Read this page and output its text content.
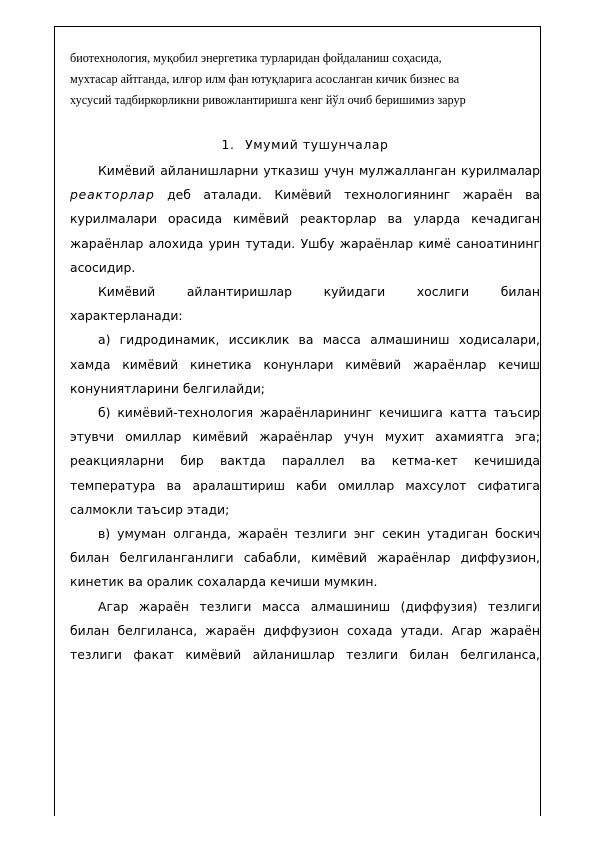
биотехнология, муқобил энергетика турларидан фойдаланиш соҳасида,
мухтасар айтганда, илғор илм фан ютуқларига асосланган кичик бизнес ва
хусусий тадбиркорликни ривожлантиришга кенг йўл очиб беришимиз зарур

1. Умумий тушунчалар

Кимёвий айланишларни утказиш учун мулжалланган курилмалар реакторлар деб аталади. Кимёвий технологиянинг жараён ва курилмалари орасида кимёвий реакторлар ва уларда кечадиган жараёнлар алохида урин тутади. Ушбу жараёнлар кимё саноатининг асосидир.

Кимёвий айлантиришлар куйидаги хослиги билан характерланади:

а) гидродинамик, иссиклик ва масса алмашиниш ходисалари, хамда кимёвий кинетика конунлари кимёвий жараёнлар кечиш конуниятларини белгилайди;

б) кимёвий-технология жараёнларининг кечишига катта таъсир этувчи омиллар кимёвий жараёнлар учун мухит ахамиятга эга; реакцияларни бир вактда параллел ва кетма-кет кечишида температура ва аралаштириш каби омиллар махсулот сифатига салмокли таъсир этади;

в) умуман олганда, жараён тезлиги энг секин утадиган боскич билан белгиланганлиги сабабли, кимёвий жараёнлар диффузион, кинетик ва оралик сохаларда кечиши мумкин.

Агар жараён тезлиги масса алмашиниш (диффузия) тезлиги билан белгиланса, жараён диффузион сохада утади. Агар жараён тезлиги факат кимёвий айланишлар тезлиги билан белгиланса,
